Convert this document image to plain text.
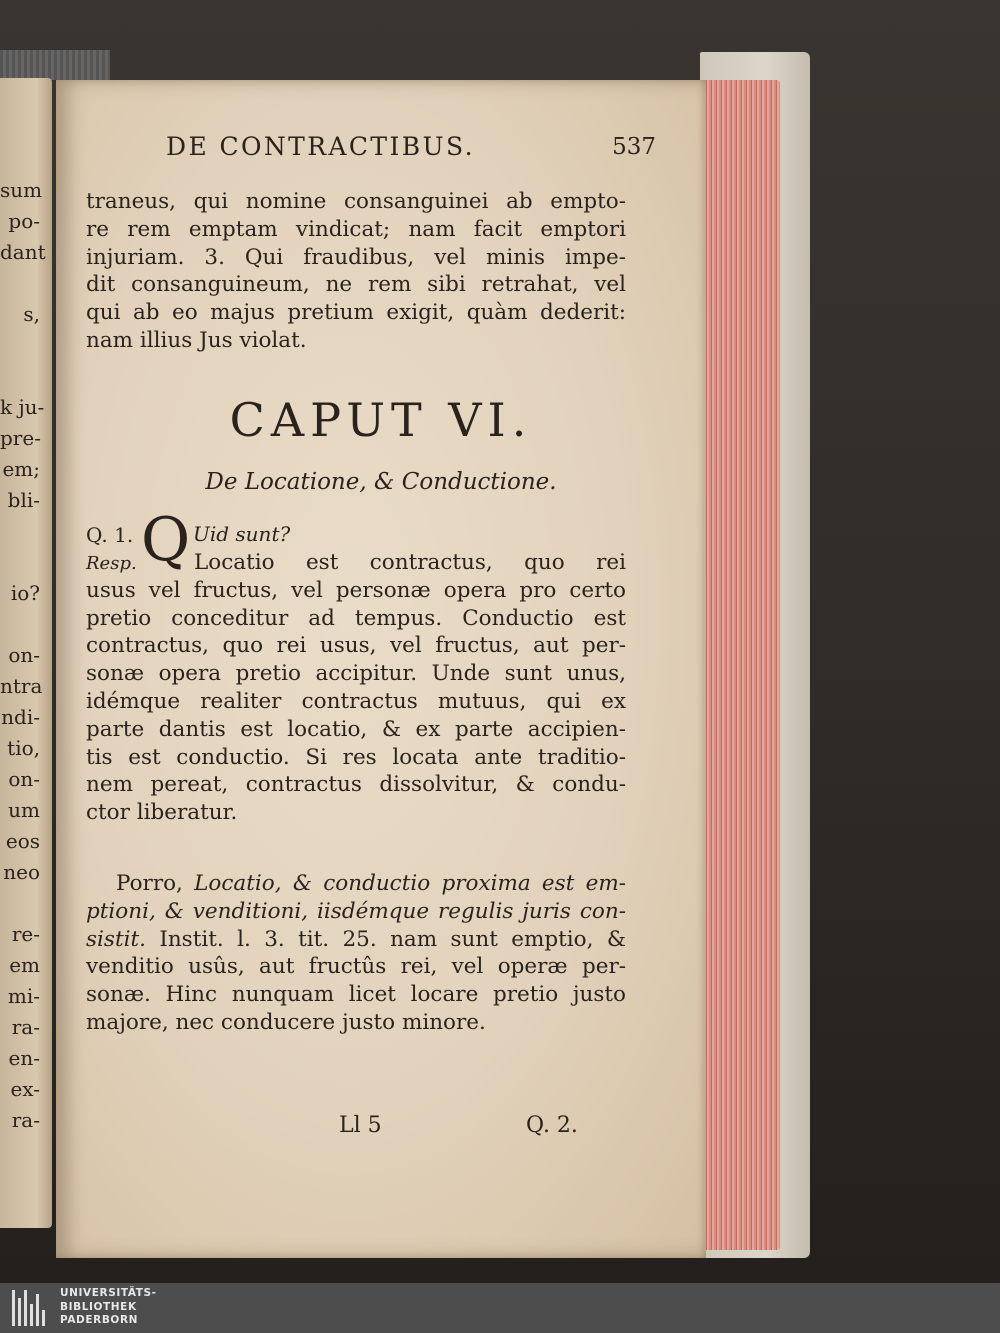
sum
po-
dant
s,
k ju-
pre-
em;
bli-
io?
on-
ntra
ndi-
tio,
on-
um
eos
neo
re-
em
mi-
ra-
en-
ex-
ra-
DE CONTRACTIBUS.	537
traneus, qui nomine consanguinei ab empto-
re rem emptam vindicat; nam facit emptori
injuriam. 3. Qui fraudibus, vel minis impe-
dit consanguineum, ne rem sibi retrahat, vel
qui ab eo majus pretium exigit, quàm dederit:
nam illius Jus violat.
CAPUT VI.
De Locatione, & Conductione.
Q. 1. Q Uid sunt?
Resp.	Locatio est contractus, quo rei
usus vel fructus, vel personæ opera pro certo
pretio conceditur ad tempus. Conductio est
contractus, quo rei usus, vel fructus, aut per-
sonæ opera pretio accipitur. Unde sunt unus,
idémque realiter contractus mutuus, qui ex
parte dantis est locatio, & ex parte accipien-
tis est conductio. Si res locata ante traditio-
nem pereat, contractus dissolvitur, & condu-
ctor liberatur.
Porro, Locatio, & conductio proxima est em-
ptioni, & venditioni, iisdémque regulis juris con-
sistit. Instit. l. 3. tit. 25. nam sunt emptio, &
venditio usûs, aut fructûs rei, vel operæ per-
sonæ. Hinc nunquam licet locare pretio justo
majore, nec conducere justo minore.
Ll 5	Q. 2.
UNIVERSITÄTS-
BIBLIOTHEK
PADERBORN
